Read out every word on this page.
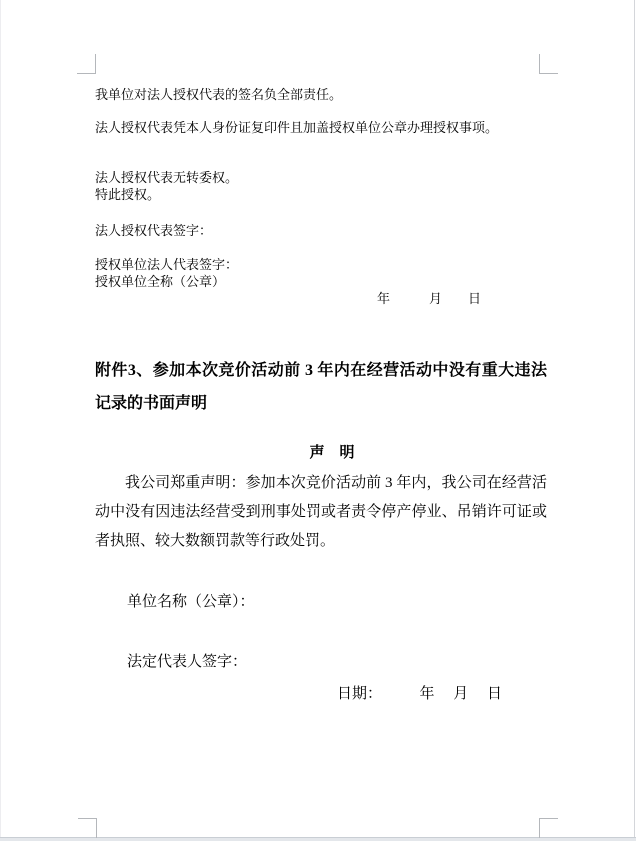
我单位对法人授权代表的签名负全部责任。
法人授权代表凭本人身份证复印件且加盖授权单位公章办理授权事项。
法人授权代表无转委权。
特此授权。
法人授权代表签字：
授权单位法人代表签字：
授权单位全称（公章）
年　　　月　　日
附件3、参加本次竞价活动前 3 年内在经营活动中没有重大违法记录的书面声明
声　明
我公司郑重声明：参加本次竞价活动前 3 年内，我公司在经营活动中没有因违法经营受到刑事处罚或者责令停产停业、吊销许可证或者执照、较大数额罚款等行政处罚。
单位名称（公章）：
法定代表人签字：
日期：　　　年 　月 　日
